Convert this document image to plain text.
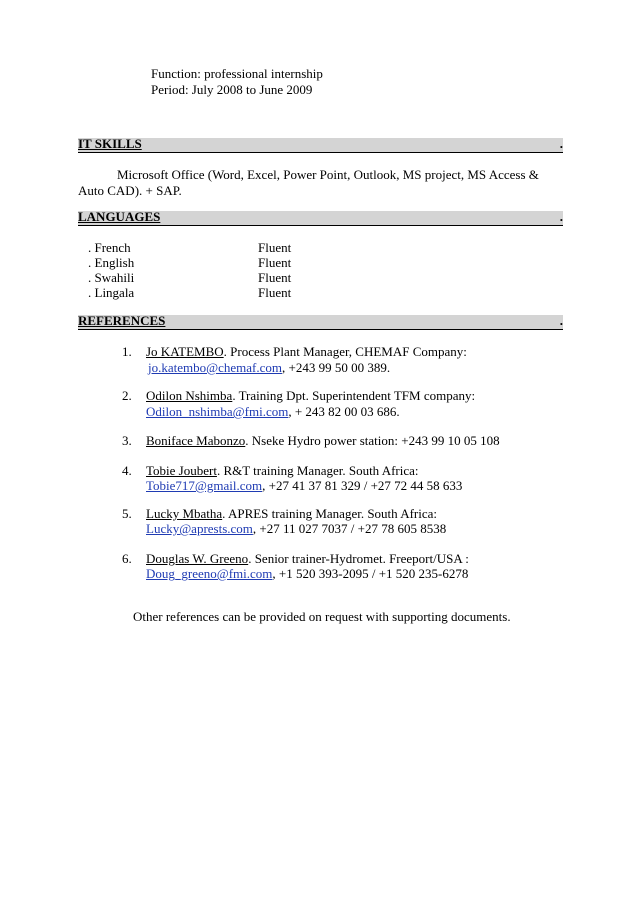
Function: professional internship
Period: July 2008 to June 2009
IT SKILLS	.
Microsoft Office (Word, Excel, Power Point, Outlook, MS project, MS Access &
Auto CAD). + SAP.
LANGUAGES	.
. French	Fluent
. English	Fluent
. Swahili	Fluent
. Lingala	Fluent
REFERENCES	.
1. Jo KATEMBO. Process Plant Manager, CHEMAF Company:
jo.katembo@chemaf.com, +243 99 50 00 389.
2. Odilon Nshimba. Training Dpt. Superintendent TFM company:
Odilon_nshimba@fmi.com, + 243 82 00 03 686.
3. Boniface Mabonzo. Nseke Hydro power station: +243 99 10 05 108
4. Tobie Joubert. R&T training Manager. South Africa:
Tobie717@gmail.com, +27 41 37 81 329 / +27 72 44 58 633
5. Lucky Mbatha. APRES training Manager. South Africa:
Lucky@aprests.com, +27 11 027 7037 / +27 78 605 8538
6. Douglas W. Greeno. Senior trainer-Hydromet. Freeport/USA :
Doug_greeno@fmi.com, +1 520 393-2095 / +1 520 235-6278
Other references can be provided on request with supporting documents.
